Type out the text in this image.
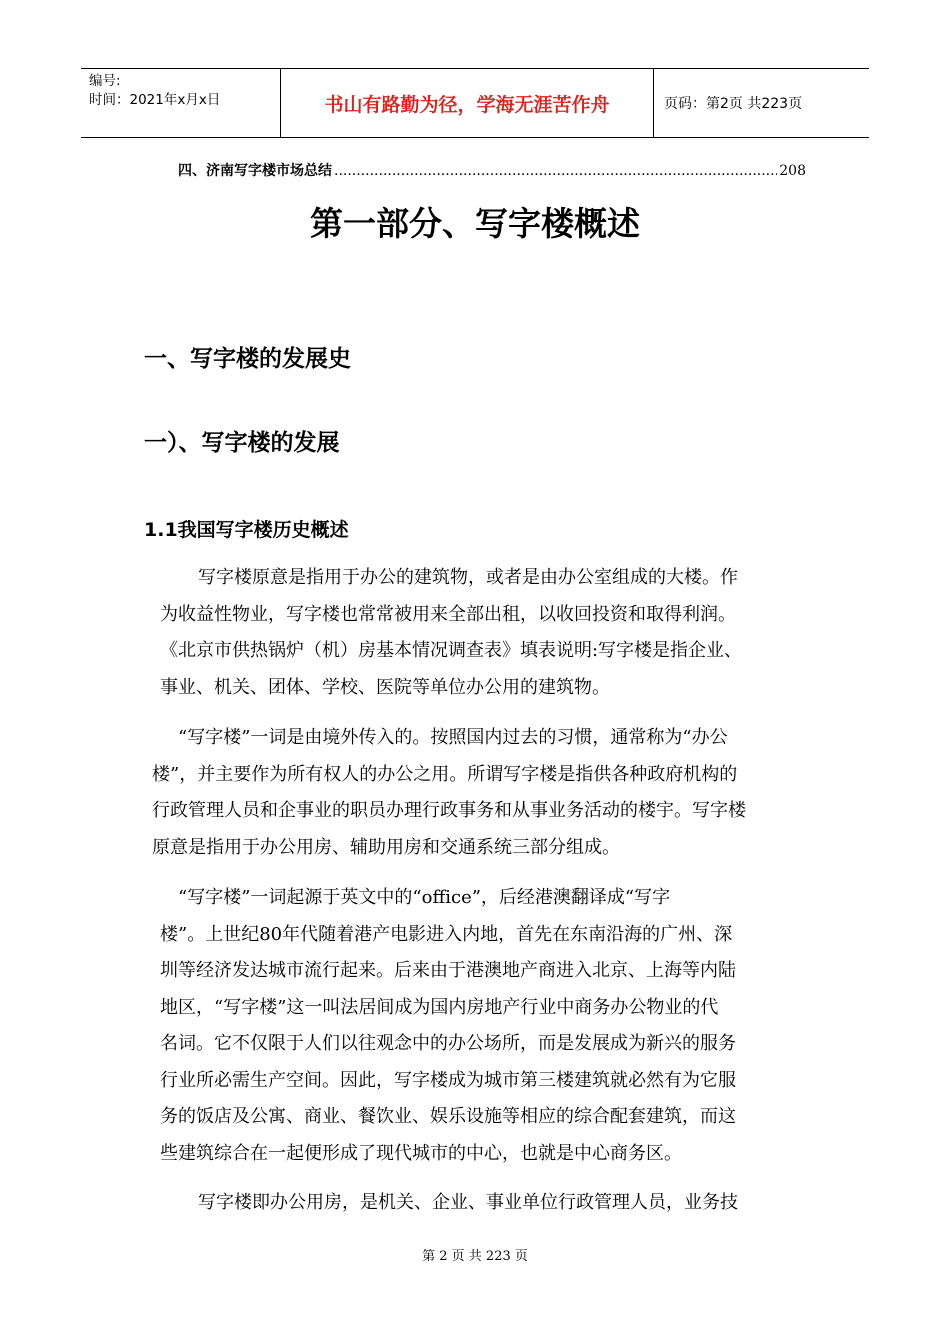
编号:
时间：2021年x月x日	书山有路勤为径，学海无涯苦作舟	页码：第2页 共223页
四、济南写字楼市场总结
.....	208
第一部分、写字楼概述
一、写字楼的发展史
一）、写字楼的发展
1.1我国写字楼历史概述
写字楼原意是指用于办公的建筑物，或者是由办公室组成的大楼。作
为收益性物业，写字楼也常常被用来全部出租，以收回投资和取得利润。
《北京市供热锅炉（机）房基本情况调查表》填表说明:写字楼是指企业、
事业、机关、团体、学校、医院等单位办公用的建筑物。
“写字楼”一词是由境外传入的。按照国内过去的习惯，通常称为“办公
楼”，并主要作为所有权人的办公之用。所谓写字楼是指供各种政府机构的
行政管理人员和企事业的职员办理行政事务和从事业务活动的楼宇。写字楼
原意是指用于办公用房、辅助用房和交通系统三部分组成。
“写字楼”一词起源于英文中的“office”，后经港澳翻译成“写字
楼”。上世纪80年代随着港产电影进入内地，首先在东南沿海的广州、深
圳等经济发达城市流行起来。后来由于港澳地产商进入北京、上海等内陆
地区，“写字楼”这一叫法居间成为国内房地产行业中商务办公物业的代
名词。它不仅限于人们以往观念中的办公场所，而是发展成为新兴的服务
行业所必需生产空间。因此，写字楼成为城市第三楼建筑就必然有为它服
务的饭店及公寓、商业、餐饮业、娱乐设施等相应的综合配套建筑，而这
些建筑综合在一起便形成了现代城市的中心，也就是中心商务区。
写字楼即办公用房，是机关、企业、事业单位行政管理人员，业务技
第 2 页 共 223 页
